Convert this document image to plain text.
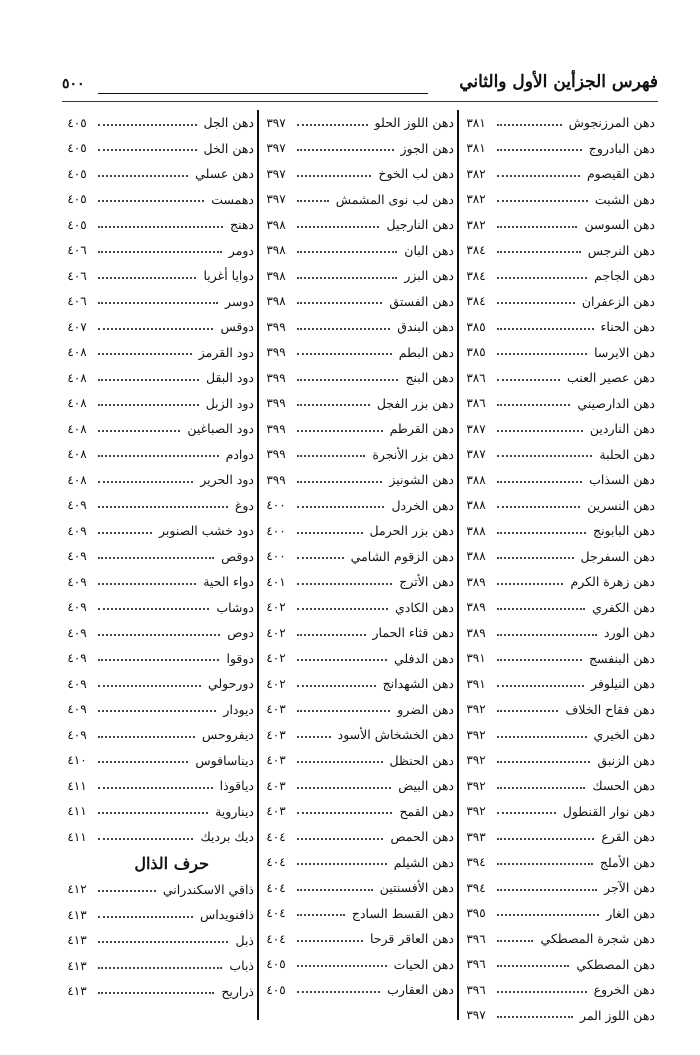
فهرس الجزأين الأول والثاني
٥٠٠
دهن المرزنجوش
٣٨١
دهن البادروج
٣٨١
دهن القيصوم
٣٨٢
دهن الشبت
٣٨٢
دهن السوسن
٣٨٢
دهن النرجس
٣٨٤
دهن الجاجم
٣٨٤
دهن الزعفران
٣٨٤
دهن الحناء
٣٨٥
دهن الايرسا
٣٨٥
دهن عصير العنب
٣٨٦
دهن الدارصيني
٣٨٦
دهن الناردين
٣٨٧
دهن الحلبة
٣٨٧
دهن السذاب
٣٨٨
دهن النسرين
٣٨٨
دهن البابونج
٣٨٨
دهن السفرجل
٣٨٨
دهن زهرة الكرم
٣٨٩
دهن الكفري
٣٨٩
دهن الورد
٣٨٩
دهن البنفسج
٣٩١
دهن النيلوفر
٣٩١
دهن فقاح الخلاف
٣٩٢
دهن الخيري
٣٩٢
دهن الزنبق
٣٩٢
دهن الحسك
٣٩٢
دهن نوار القنطول
٣٩٢
دهن القرع
٣٩٣
دهن الأملج
٣٩٤
دهن الآجر
٣٩٤
دهن الغار
٣٩٥
دهن شجرة المصطكي
٣٩٦
دهن المصطكي
٣٩٦
دهن الخروع
٣٩٦
دهن اللوز المر
٣٩٧
دهن اللوز الحلو
٣٩٧
دهن الجوز
٣٩٧
دهن لب الخوخ
٣٩٧
دهن لب نوى المشمش
٣٩٧
دهن النارجيل
٣٩٨
دهن البان
٣٩٨
دهن البزر
٣٩٨
دهن الفستق
٣٩٨
دهن البندق
٣٩٩
دهن البطم
٣٩٩
دهن البنج
٣٩٩
دهن بزر الفجل
٣٩٩
دهن القرطم
٣٩٩
دهن بزر الأنجرة
٣٩٩
دهن الشونيز
٣٩٩
دهن الخردل
٤٠٠
دهن بزر الحرمل
٤٠٠
دهن الزقوم الشامي
٤٠٠
دهن الأترج
٤٠١
دهن الكادي
٤٠٢
دهن قثاء الحمار
٤٠٢
دهن الدفلي
٤٠٢
دهن الشهدانج
٤٠٢
دهن الضرو
٤٠٣
دهن الخشخاش الأسود
٤٠٣
دهن الحنظل
٤٠٣
دهن البيض
٤٠٣
دهن القمح
٤٠٣
دهن الحمص
٤٠٤
دهن الشيلم
٤٠٤
دهن الأفسنتين
٤٠٤
دهن القسط السادج
٤٠٤
دهن العاقر قرحا
٤٠٤
دهن الحيات
٤٠٥
دهن العقارب
٤٠٥
دهن الجل
٤٠٥
دهن الخل
٤٠٥
دهن عسلي
٤٠٥
دهمست
٤٠٥
دهنج
٤٠٥
دومر
٤٠٦
دوايا أغريا
٤٠٦
دوسر
٤٠٦
دوقس
٤٠٧
دود القرمز
٤٠٨
دود البقل
٤٠٨
دود الزبل
٤٠٨
دود الصباغين
٤٠٨
دوادم
٤٠٨
دود الحرير
٤٠٨
دوغ
٤٠٩
دود خشب الصنوبر
٤٠٩
دوقص
٤٠٩
دواء الحية
٤٠٩
دوشاب
٤٠٩
دوص
٤٠٩
دوقوا
٤٠٩
دورحولي
٤٠٩
ديودار
٤٠٩
ديفروحس
٤٠٩
ديناسافوس
٤١٠
دياقوذا
٤١١
ديناروية
٤١١
ديك برديك
٤١١
حرف الذال
ذاقي الاسكندراني
٤١٢
ذافنويداس
٤١٣
ذبل
٤١٣
ذباب
٤١٣
ذراريح
٤١٣
